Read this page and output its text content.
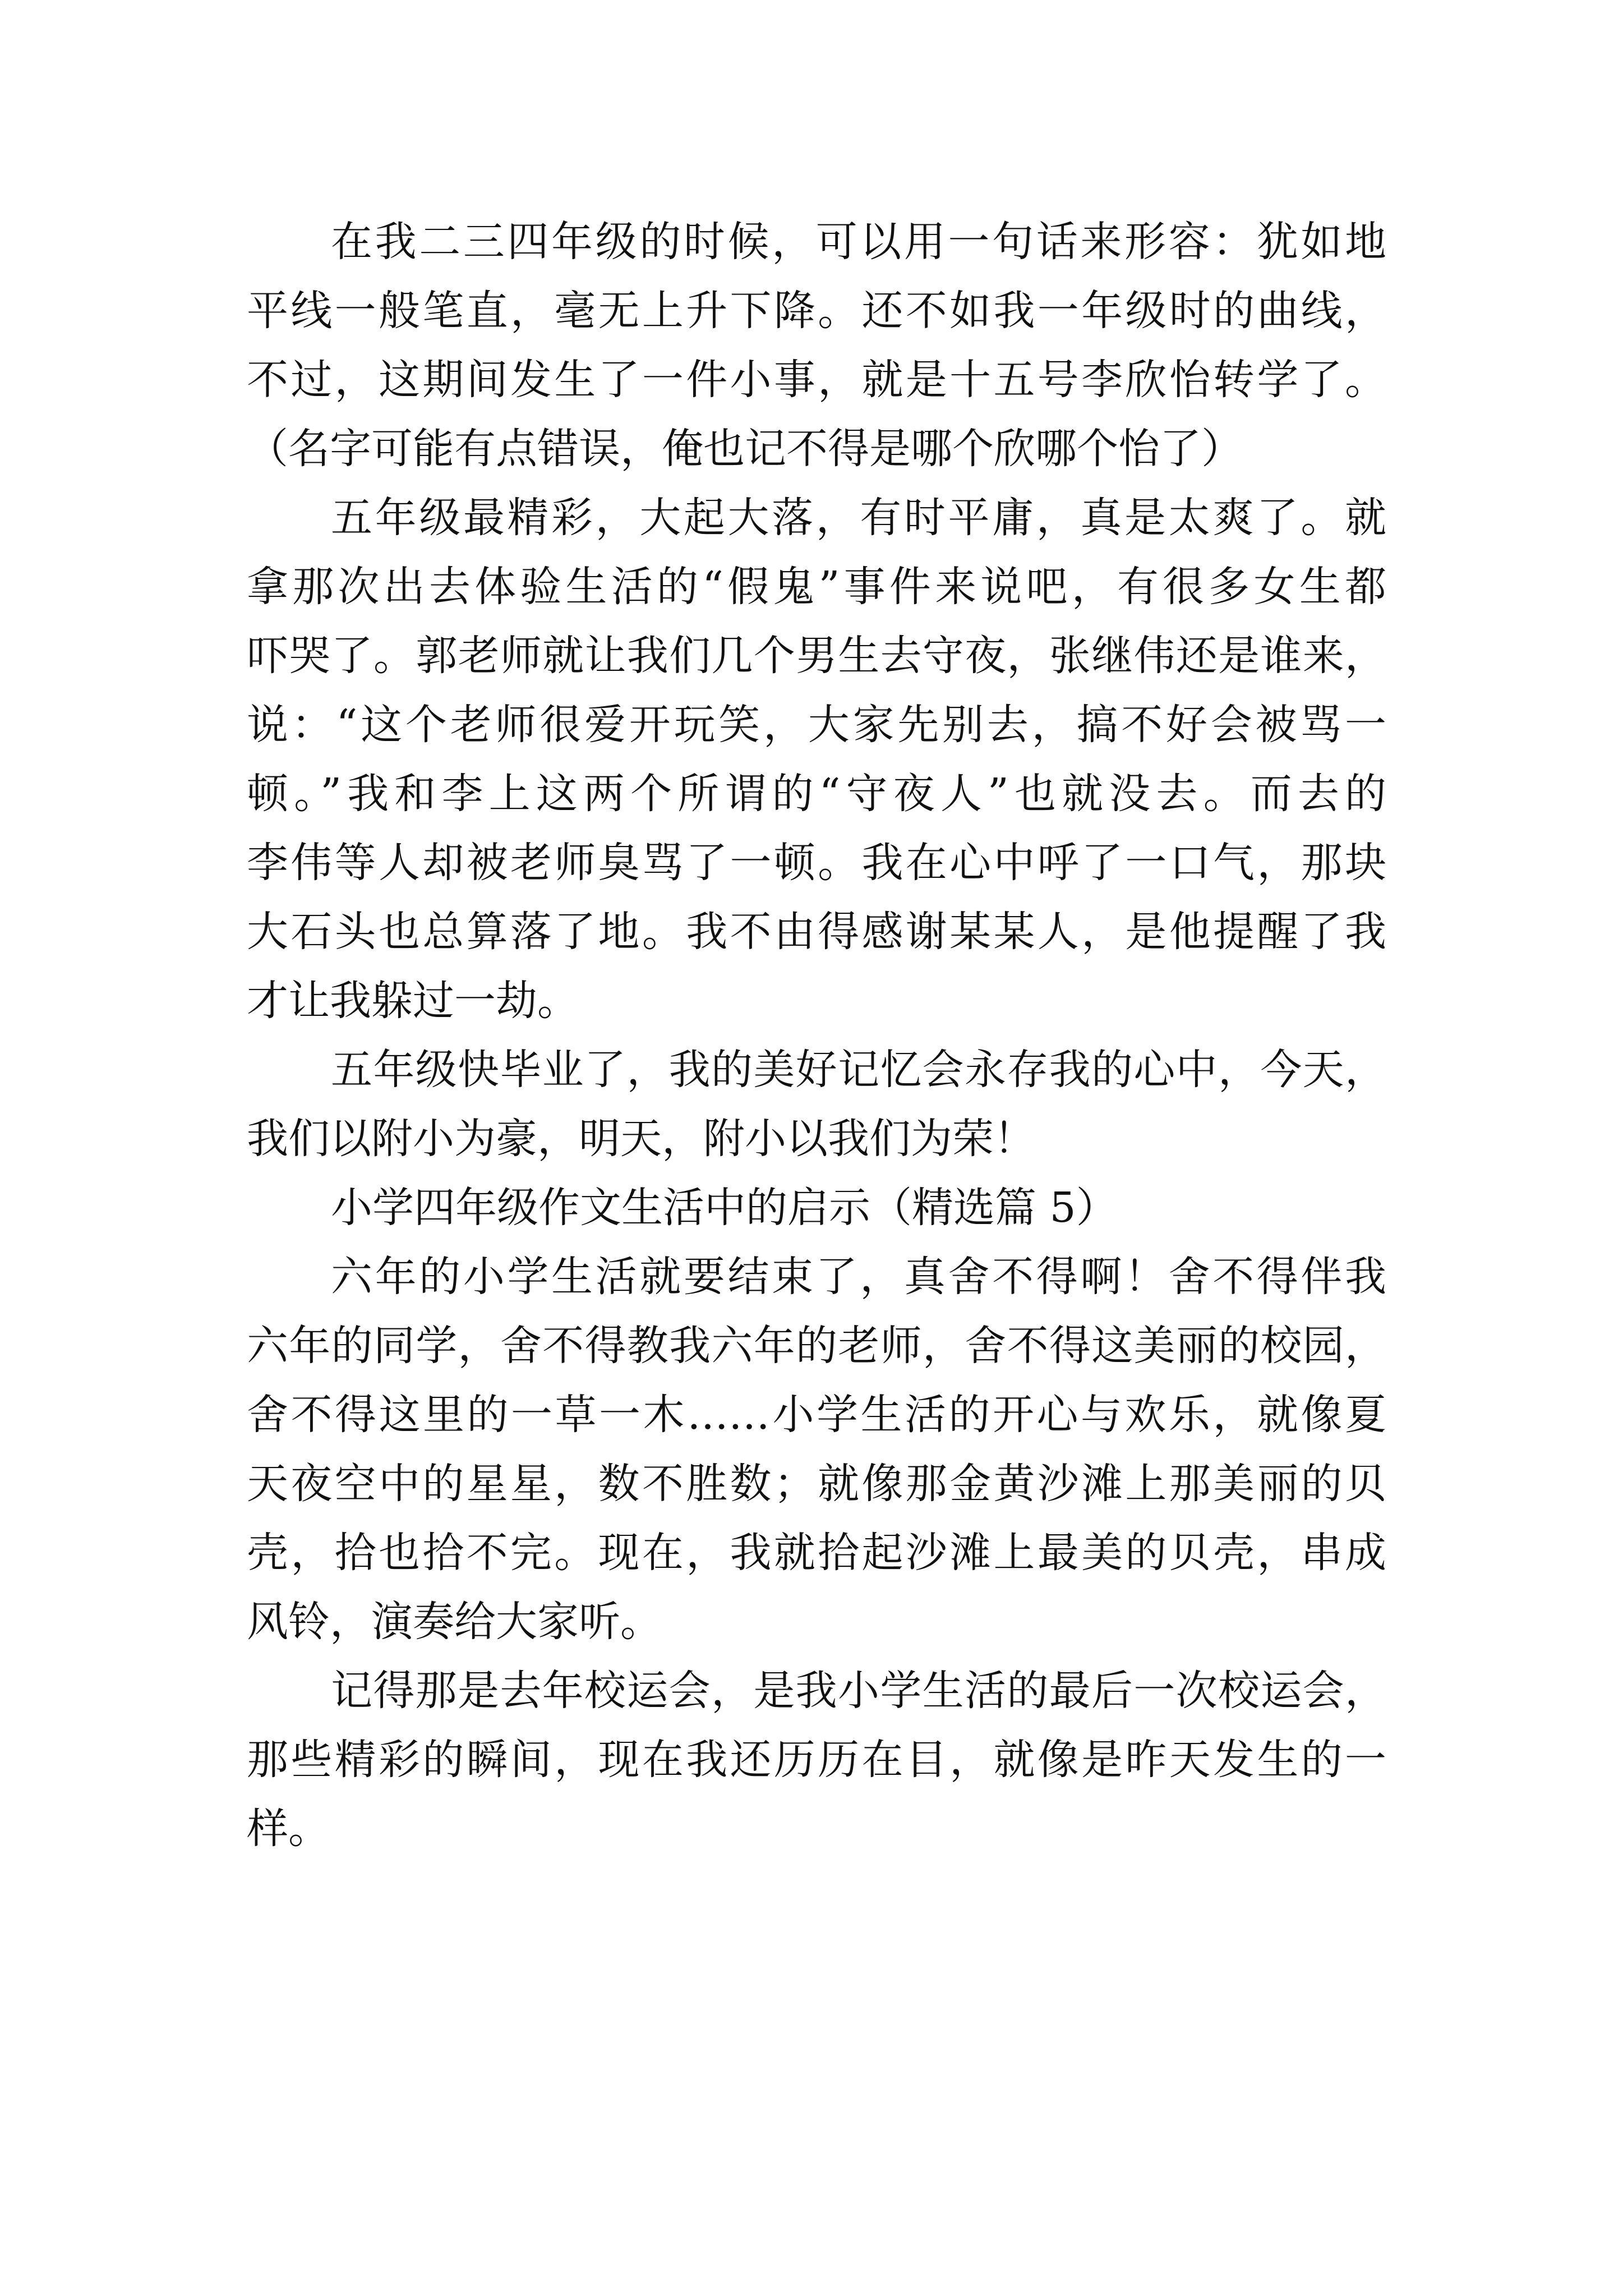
在我二三四年级的时候，可以用一句话来形容：犹如地
平线一般笔直，毫无上升下降。还不如我一年级时的曲线，
不过，这期间发生了一件小事，就是十五号李欣怡转学了。
（名字可能有点错误，俺也记不得是哪个欣哪个怡了）
五年级最精彩，大起大落，有时平庸，真是太爽了。就
拿那次出去体验生活的“假鬼”事件来说吧，有很多女生都
吓哭了。郭老师就让我们几个男生去守夜，张继伟还是谁来，
说：“这个老师很爱开玩笑，大家先别去，搞不好会被骂一
顿。”我和李上这两个所谓的“守夜人”也就没去。而去的
李伟等人却被老师臭骂了一顿。我在心中呼了一口气，那块
大石头也总算落了地。我不由得感谢某某人，是他提醒了我
才让我躲过一劫。
五年级快毕业了，我的美好记忆会永存我的心中，今天，
我们以附小为豪，明天，附小以我们为荣！
小学四年级作文生活中的启示（精选篇 5）
六年的小学生活就要结束了，真舍不得啊！舍不得伴我
六年的同学，舍不得教我六年的老师，舍不得这美丽的校园，
舍不得这里的一草一木……小学生活的开心与欢乐，就像夏
天夜空中的星星，数不胜数；就像那金黄沙滩上那美丽的贝
壳，拾也拾不完。现在，我就拾起沙滩上最美的贝壳，串成
风铃，演奏给大家听。
记得那是去年校运会，是我小学生活的最后一次校运会，
那些精彩的瞬间，现在我还历历在目，就像是昨天发生的一
样。
